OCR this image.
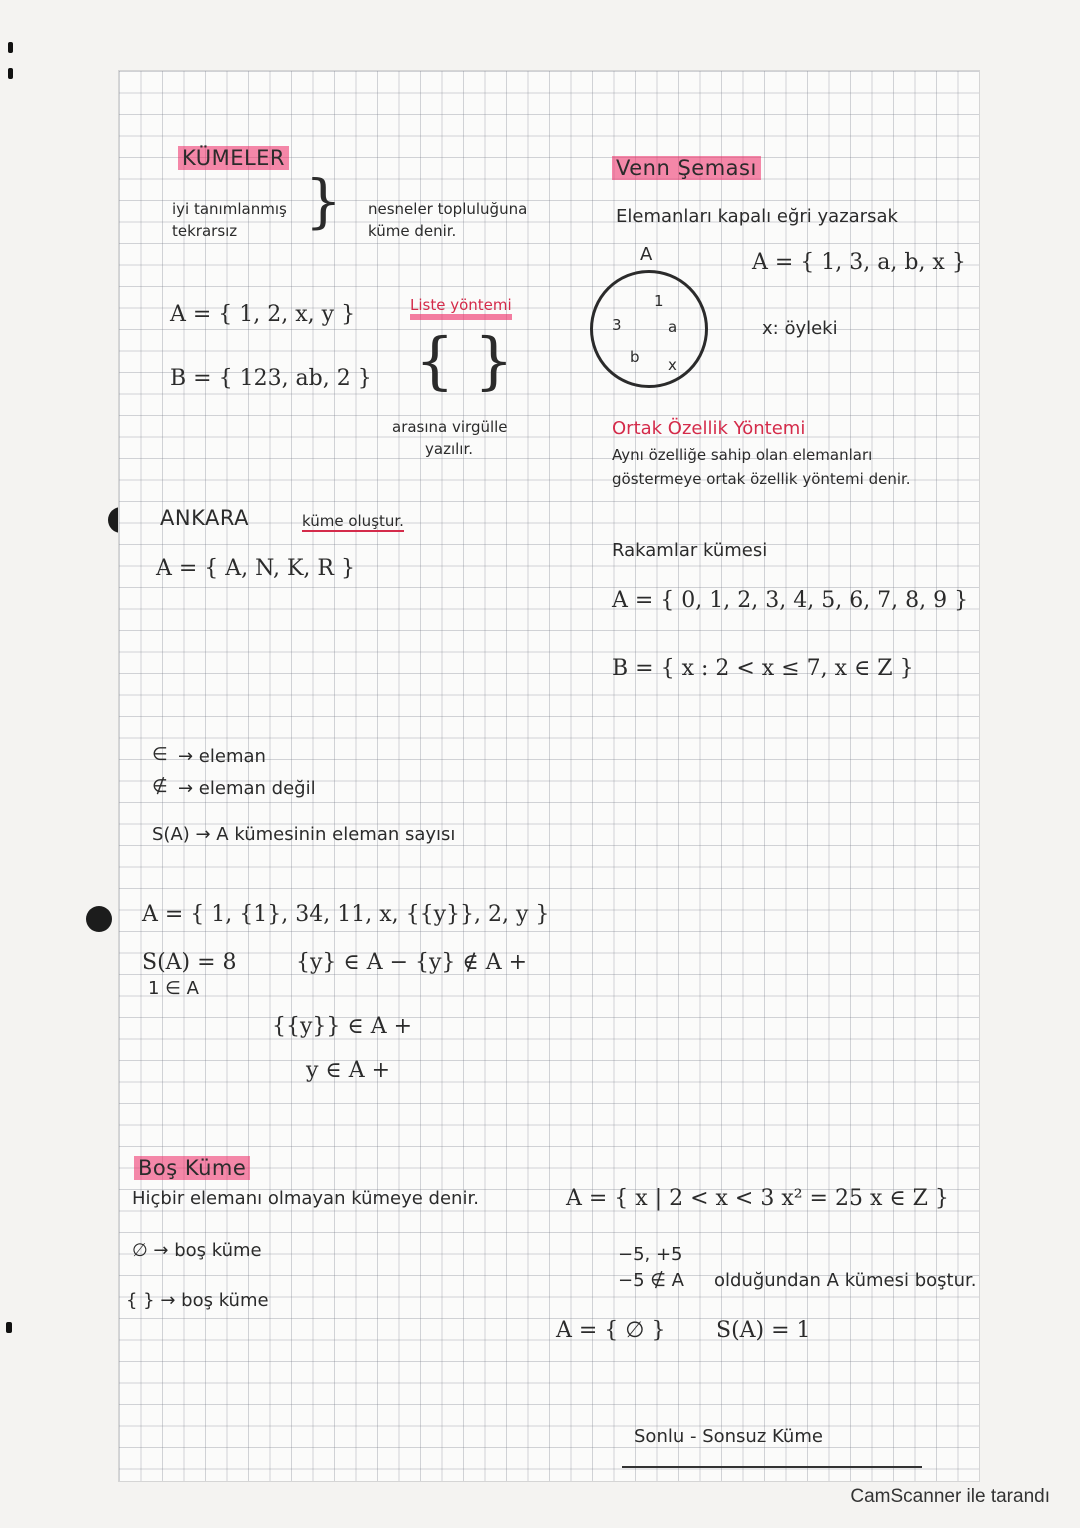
KÜMELER
iyi tanımlanmış
tekrarsız } nesneler topluluğuna
küme denir.
A = { 1, 2, x, y }
B = { 123, ab, 2 }
Liste yöntemi
{ }
arasına virgülle
yazılır.
ANKARA	küme oluştur.
A = { A, N, K, R }
∈ → eleman
∉ → eleman değil
S(A) → A kümesinin eleman sayısı
A = { 1, {1}, 34, 11, x, {{y}}, 2, y }
S(A) = 8
1 ∈ A
{y} ∈ A − {y} ∉ A +
{{y}} ∈ A +
y ∈ A +
Boş Küme
Hiçbir elemanı olmayan kümeye denir.
∅ → boş küme
{ } → boş küme
Venn Şeması
Elemanları kapalı eğri yazarsak
A
1
3	a
b x
A = { 1, 3, a, b, x }
x: öyleki
Ortak Özellik Yöntemi
Aynı özelliğe sahip olan elemanları
göstermeye ortak özellik yöntemi denir.
Rakamlar kümesi
A = { 0, 1, 2, 3, 4, 5, 6, 7, 8, 9 }
B = { x : 2 < x ≤ 7, x ∈ Z }
A = { x | 2 < x < 3 x² = 25 x ∈ Z }
−5, +5
−5 ∉ A olduğundan A kümesi boştur.
A = { ∅ } S(A) = 1
Sonlu - Sonsuz Küme
CamScanner ile tarandı
